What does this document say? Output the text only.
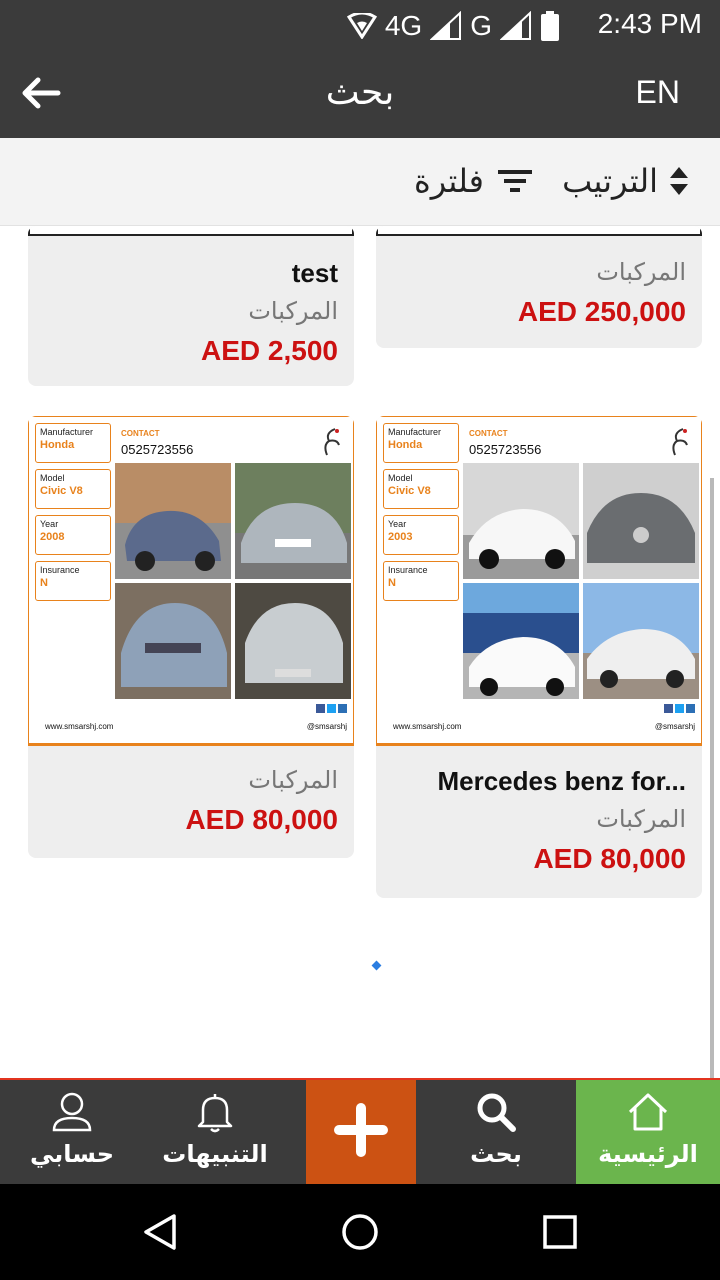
4G G	2:43 PM
بحث	EN
الترتيب
فلترة
test
المركبات
AED 2,500
المركبات
AED 250,000
Manufacturer
Honda
Model
Civic V8
Year
2008
Insurance
N
CONTACT
0525723556
www.smsarshj.com	@smsarshj
المركبات
AED 80,000
Manufacturer
Honda
Model
Civic V8
Year
2003
Insurance
N
CONTACT
0525723556
www.smsarshj.com	@smsarshj
Mercedes benz for...
المركبات
AED 80,000
الرئيسية
بحث
التنبيهات
حسابي
